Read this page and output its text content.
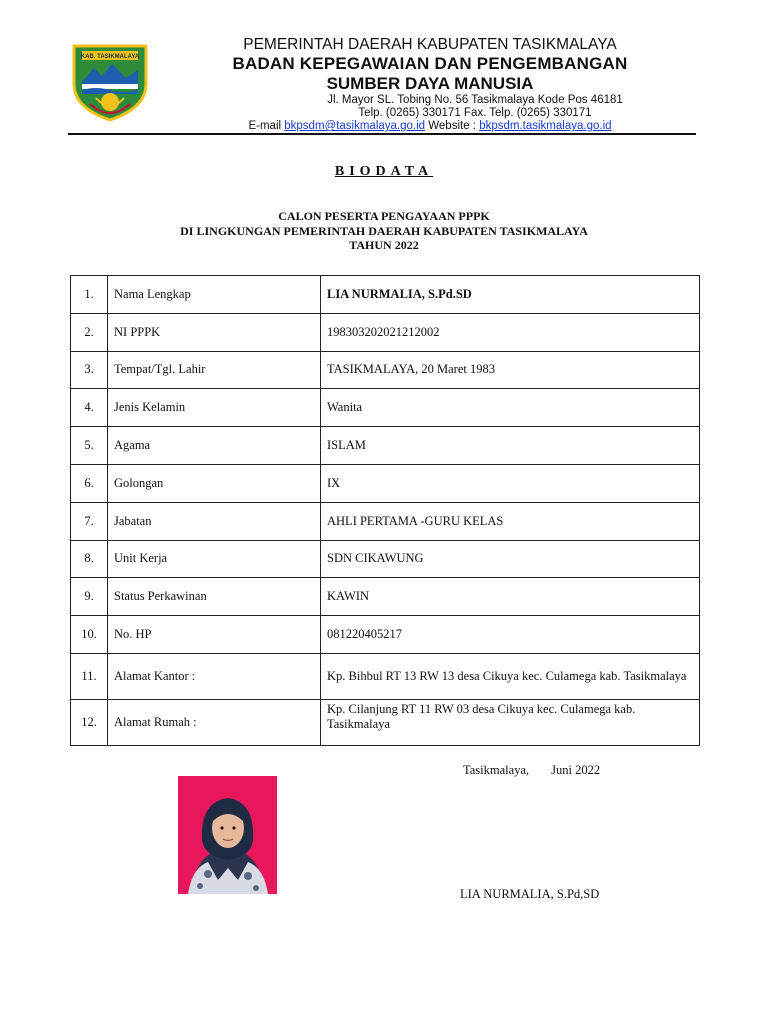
KAB. TASIKMALAYA
PEMERINTAH DAERAH KABUPATEN TASIKMALAYA
BADAN KEPEGAWAIAN DAN PENGEMBANGAN
SUMBER DAYA MANUSIA
Jl. Mayor SL. Tobing No. 56 Tasikmalaya Kode Pos 46181
Telp. (0265) 330171 Fax. Telp. (0265) 330171
E-mail bkpsdm@tasikmalaya.go.id Website : bkpsdm.tasikmalaya.go.id
BIODATA
CALON PESERTA PENGAYAAN PPPK
DI LINGKUNGAN PEMERINTAH DAERAH KABUPATEN TASIKMALAYA
TAHUN 2022
1.	Nama Lengkap	LIA NURMALIA, S.Pd.SD
2.	NI PPPK	198303202021212002
3.	Tempat/Tgl. Lahir	TASIKMALAYA, 20 Maret 1983
4.	Jenis Kelamin	Wanita
5.	Agama	ISLAM
6.	Golongan	IX
7.	Jabatan	AHLI PERTAMA -GURU KELAS
8.	Unit Kerja	SDN CIKAWUNG
9.	Status Perkawinan	KAWIN
10.	No. HP	081220405217
11.	Alamat Kantor :	Kp. Bihbul RT 13 RW 13 desa Cikuya kec. Culamega kab. Tasikmalaya
12.	Alamat Rumah :	Kp. Cilanjung RT 11 RW 03 desa Cikuya kec. Culamega kab. Tasikmalaya
Tasikmalaya, Juni 2022
LIA NURMALIA, S.Pd,SD
